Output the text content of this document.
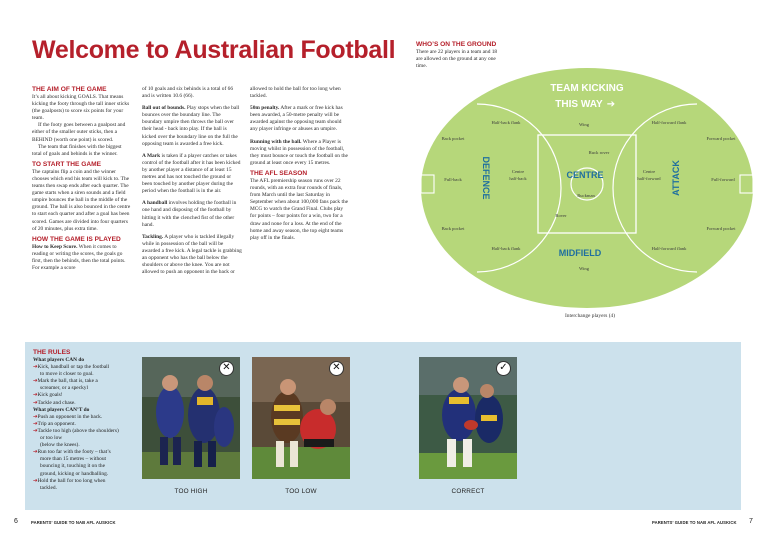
Welcome to Australian Football
THE AIM OF THE GAME

It’s all about kicking GOALS. That means kicking the footy through the tall inner sticks (the goalposts) to score six points for your team.

If the footy goes between a goalpost and either of the smaller outer sticks, then a BEHIND (worth one point) is scored.

The team that finishes with the biggest total of goals and behinds is the winner.

TO START THE GAME

The captains flip a coin and the winner chooses which end his team will kick to. The teams then swap ends after each quarter. The game starts when a siren sounds and a field umpire bounces the ball in the middle of the ground. The ball is also bounced in the centre to start each quarter and after a goal has been scored. Games are divided into four quarters of 20 minutes, plus extra time.

HOW THE GAME IS PLAYED

How to Keep Score. When it comes to reading or writing the scores, the goals go first, then the behinds, then the total points. For example a score

of 10 goals and six behinds is a total of 66 and is written 10.6 (66).

Ball out of bounds. Play stops when the ball bounces over the boundary line. The boundary umpire then throws the ball over their head - back into play. If the ball is kicked over the boundary line on the full the opposing team is awarded a free kick.

A Mark is taken if a player catches or takes control of the football after it has been kicked by another player a distance of at least 15 metres and has not touched the ground or been touched by another player during the period when the football is in the air.

A handball involves holding the football in one hand and disposing of the football by hitting it with the clenched fist of the other hand.

Tackling. A player who is tackled illegally while in possession of the ball will be awarded a free kick. A legal tackle is grabbing an opponent who has the ball below the shoulders or above the knee. You are not allowed to push an opponent in the back or

allowed to hold the ball for too long when tackled.

50m penalty. After a mark or free kick has been awarded, a 50-metre penalty will be awarded against the opposing team should any player infringe or abuses an umpire.

Running with the ball. Where a Player is moving whilst in possession of the football, they must bounce or touch the football on the ground at least once every 15 metres.

THE AFL SEASON

The AFL premiership season runs over 22 rounds, with an extra four rounds of finals, from March until the last Saturday in September when about 100,000 fans pack the MCG to watch the Grand Final. Clubs play for points – four points for a win, two for a draw and none for a loss. At the end of the home and away season, the top eight teams play off in the finals.

WHO’S ON THE GROUND
There are 22 players in a team and 18 are allowed on the ground at any one time.
TEAM KICKING
THIS WAY ➔
DEFENCE	ATTACK
CENTRE
MIDFIELD
Half-back flank	Wing	Half-forward flank
Back pocket	Forward pocket
Ruck rover
Full-back
Centre
half-back
Centre
half-forward	Full-forward
Ruckman
Back pocket
Rover
Forward pocket
Half-back flank	Half-forward flank
Wing
Interchange players (4)
THE RULES
What players CAN do
➔Kick, handball or tap the football
to move it closer to goal.
➔Mark the ball, that is, take a
screamer, or a speckyl
➔Kick goals!
➔Tackle and chase.
What players CAN’T do
➔Push an opponent in the back.
➔Trip an opponent.
➔Tackle too high (above the shoulders)
or too low
(below the knees).
➔Run too far with the footy – that’s
more than 15 metres – without
bouncing it, touching it on the
ground, kicking or handballing.
➔Hold the ball for too long when
tackled.
✕	✕	✓
TOO HIGH	TOO LOW	CORRECT
6	PARENTS’ GUIDE TO NAB AFL AUSKICK	PARENTS’ GUIDE TO NAB AFL AUSKICK 7
